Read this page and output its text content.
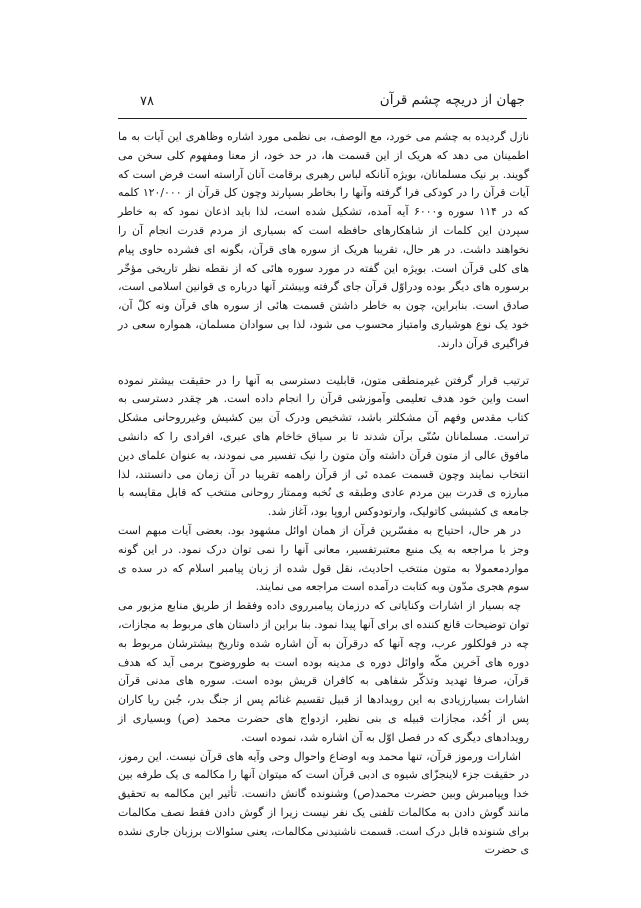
۷۸	جهان از دریچه چشم قرآن

نازل گردیده به چشم می خورد، مع الوصف، بی نظمی مورد اشاره وظاهری این آیات به ما اطمینان می دهد که هریک از این قسمت ها، در حد خود، از معنا ومفهوم کلی سخن می گویند. بر نیک مسلمانان، بویژه آنانکه لباس رهبری برقامت آنان آراسته است فرض است که آیات قرآن را در کودکی فرا گرفته وآنها را بخاطر بسپارند وچون کل قرآن از ۱۲۰/۰۰۰ کلمه که در ۱۱۴ سوره و۶۰۰۰ آیه آمده، تشکیل شده است، لذا باید اذعان نمود که به خاطر سپردن این کلمات از شاهکارهای حافظه است که بسیاری از مردم قدرت انجام آن را نخواهند داشت. در هر حال، تقریبا هریک از سوره های قرآن، بگونه ای فشرده حاوی پیام های کلی قرآن است. بویژه این گفته در مورد سوره هائی که از نقطه نظر تاریخی مؤخّر برسوره های دیگر بوده ودراوّل قرآن جای گرفته وبیشتر آنها درباره ی قوانین اسلامی است، صادق است. بنابراین، چون به خاطر داشتن قسمت هائی از سوره های قرآن ونه کلّ آن، خود یک نوع هوشیاری وامتیاز محسوب می شود، لذا بی سوادان مسلمان، همواره سعی در فراگیری قرآن دارند.

ترتیب قرار گرفتن غیرمنطقی متون، قابلیت دسترسی به آنها را در حقیقت بیشتر نموده است واین خود هدف تعلیمی وآموزشی قرآن را انجام داده است. هر چقدر دسترسی به کتاب مقدس وفهم آن مشکلتر باشد، تشخیص ودرک آن بین کشیش وغیرروحانی مشکل تراست. مسلمانان سُنّی برآن شدند تا بر سیاق خاخام های عبری، افرادی را که دانشی مافوق عالی از متون قرآن داشته وآن متون را نیک تفسیر می نمودند، به عنوان علمای دین انتخاب نمایند وچون قسمت عمده ئی از قرآن راهمه تقریبا در آن زمان می دانستند، لذا مبارزه ی قدرت بین مردم عادی وطبقه ی نُخبه وممتاز روحانی منتخب که قابل مقایسه با جامعه ی کشیشی کاتولیک، وارتودوکس اروپا بود، آغاز شد.

در هر حال، احتیاج به مفسّرین قرآن از همان اوائل مشهود بود. بعضی آیات مبهم است وجز با مراجعه به یک منبع معتبرتفسیر، معانی آنها را نمی توان درک نمود. در این گونه مواردمعمولا به متون منتخب احادیث، نقل قول شده از زبان پیامبر اسلام که در سده ی سوم هجری مدّون وبه کتابت درآمده است مراجعه می نمایند.

چه بسیار از اشارات وکنایاتی که درزمان پیامبرروی داده وفقط از طریق منابع مزبور می توان توضیحات قانع کننده ای برای آنها پیدا نمود. بنا براین از داستان های مربوط به مجازات، چه در فولکلور عرب، وچه آنها که درقرآن به آن اشاره شده وتاریخ بیشترشان مربوط به دوره های آخرین مکّه واوائل دوره ی مدینه بوده است به طوروضوح برمی آید که هدف قرآن، صرفا تهدید وتذکّر شفاهی به کافران قریش بوده است. سوره های مدنی قرآن اشارات بسیارزیادی به این رویدادها از قبیل تقسیم غنائم پس از جنگ بدر، جُبن ریا کاران پس از اُحُد، مجازات قبیله ی بنی نظیر، ازدواج های حضرت محمد (ص) وبسیاری از رویدادهای دیگری که در فصل اوّل به آن اشاره شد، نموده است.

اشارات ورموز قرآن، تنها محمد وبه اوضاع واحوال وحی وآیه های قرآن نیست. این رموز، در حقیقت جزء لاینجزّای شیوه ی ادبی قرآن است که میتوان آنها را مکالمه ی یک طرفه بین خدا وپیامبرش وبین حضرت محمد(ص) وشنونده گانش دانست. تأثیر این مکالمه به تحقیق مانند گوش دادن به مکالمات تلفنی یک نفر نیست زیرا از گوش دادن فقط نصف مکالمات برای شنونده قابل درک است. قسمت ناشنیدنی مکالمات، یعنی سئوالات برزبان جاری نشده ی حضرت
